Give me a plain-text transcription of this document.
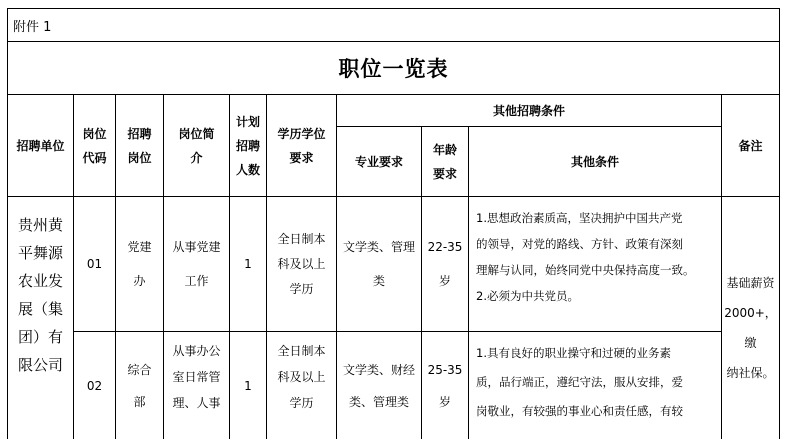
附件 1
职位一览表
招聘单位
岗位
代码
招聘
岗位
岗位简
介
计划
招聘
人数
学历学位
要求
其他招聘条件
专业要求
年龄
要求
其他条件
备注
贵州黄
平舞源
农业发
展（集
团）有
限公司
基础薪资
2000+，缴
纳社保。
01
党建
办
从事党建
工作
1
全日制本
科及以上
学历
文学类、管理
类
22-35
岁
1.思想政治素质高，坚决拥护中国共产党
的领导，对党的路线、方针、政策有深刻
理解与认同，始终同党中央保持高度一致。
2.必须为中共党员。
02
综合
部
从事办公
室日常管
理、人事
1
全日制本
科及以上
学历
文学类、财经
类、管理类
25-35
岁
1.具有良好的职业操守和过硬的业务素
质，品行端正，遵纪守法，服从安排，爱
岗敬业，有较强的事业心和责任感，有较
